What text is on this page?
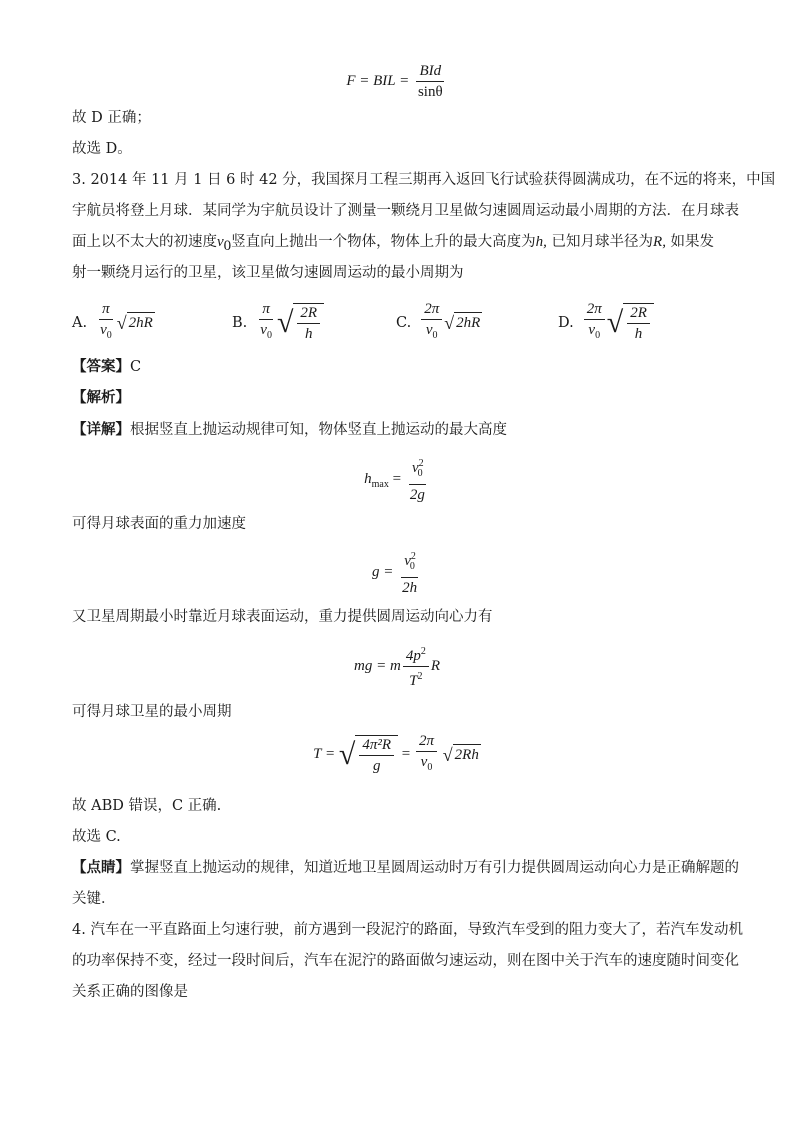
F = BIL = $\frac{\text{BId}}{\sin\theta}$
故 D 正确；
故选 D。
3. 2014 年 11 月 1 日 6 时 42 分，我国探月工程三期再入返回飞行试验获得圆满成功，在不远的将来，中国
宇航员将登上月球．某同学为宇航员设计了测量一颗绕月卫星做匀速圆周运动最小周期的方法．在月球表
面上以不太大的初速度$v_0$竖直向上抛出一个物体，物体上升的最大高度为h, 已知月球半径为R, 如果发
射一颗绕月运行的卫星，该卫星做匀速圆周运动的最小周期为
A. $\frac{\pi}{v_0}$ √ 2hR	B. $\frac{\pi}{v_0}$ √ $\frac{2R}{h}$	C. $\frac{2\pi}{v_0}$ √ 2hR	D. $\frac{2\pi}{v_0}$ √ $\frac{2R}{h}$
【答案】C
【解析】
【详解】根据竖直上抛运动规律可知，物体竖直上抛运动的最大高度
$h_{max} = \frac{v^2_0}{2g}$
可得月球表面的重力加速度
$g = \frac{v^2_0}{2h}$
又卫星周期最小时靠近月球表面运动，重力提供圆周运动向心力有
mg = m $\frac{4p^2}{T^2}$ R
可得月球卫星的最小周期
T = √ $\frac{\text{4π²R}}{g} = \frac{2\pi}{v_0}$
√ 2Rh
故 ABD 错误，C 正确.
故选 C.
【点睛】掌握竖直上抛运动的规律，知道近地卫星圆周运动时万有引力提供圆周运动向心力是正确解题的
关键．
4. 汽车在一平直路面上匀速行驶，前方遇到一段泥泞的路面，导致汽车受到的阻力变大了，若汽车发动机
的功率保持不变，经过一段时间后，汽车在泥泞的路面做匀速运动，则在图中关于汽车的速度随时间变化
关系正确的图像是
